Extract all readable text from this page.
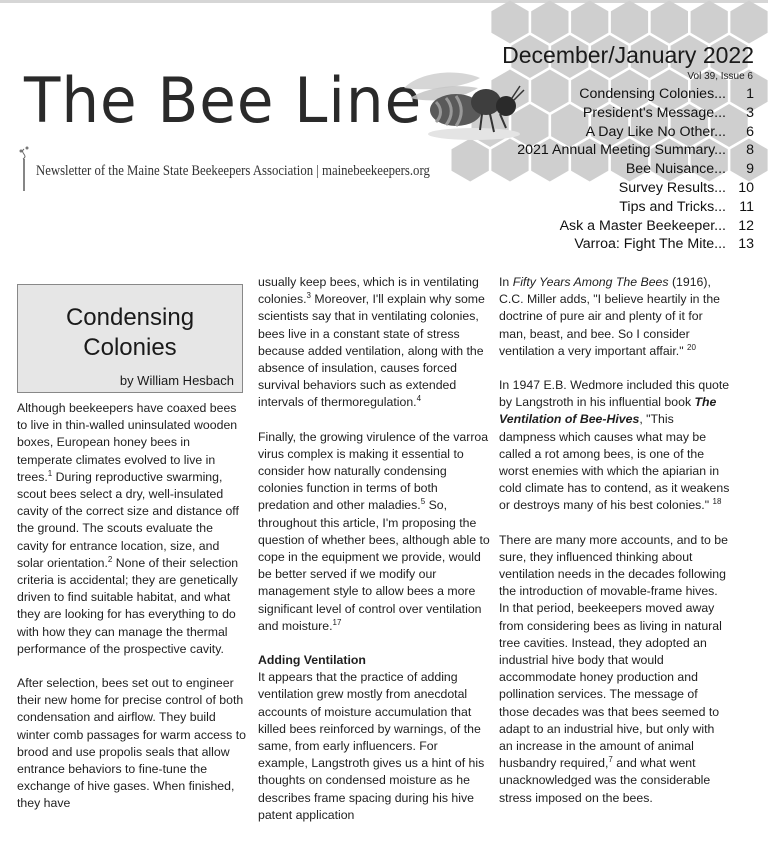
The Bee Line
Newsletter of the Maine State Beekeepers Association | mainebeekeepers.org
December/January 2022
Vol 39, Issue 6
Condensing Colonies...	1
President's Message...	3
A Day Like No Other...	6
2021 Annual Meeting Summary...	8
Bee Nuisance...	9
Survey Results... 10
Tips and Tricks... 11
Ask a Master Beekeeper... 12
Varroa: Fight The Mite... 13
Condensing
Colonies
by William Hesbach

Although beekeepers have coaxed bees to live in thin-walled uninsulated wooden boxes, European honey bees in temperate climates evolved to live in trees.$^1$ During reproductive swarming, scout bees select a dry, well-insulated cavity of the correct size and distance off the ground. The scouts evaluate the cavity for entrance location, size, and solar orientation.$^2$ None of their selection criteria is accidental; they are genetically driven to find suitable habitat, and what they are looking for has everything to do with how they can manage the thermal performance of the prospective cavity.

After selection, bees set out to engineer their new home for precise control of both condensation and airflow. They build winter comb passages for warm access to brood and use propolis seals that allow entrance behaviors to fine-tune the exchange of hive gases. When finished, they have

usually keep bees, which is in ventilating colonies.$^3$ Moreover, I'll explain why some scientists say that in ventilating colonies, bees live in a constant state of stress because added ventilation, along with the absence of insulation, causes forced survival behaviors such as extended intervals of thermoregulation.$^4$

Finally, the growing virulence of the varroa virus complex is making it essential to consider how naturally condensing colonies function in terms of both predation and other maladies.$^5$ So, throughout this article, I'm proposing the question of whether bees, although able to cope in the equipment we provide, would be better served if we modify our management style to allow bees a more significant level of control over ventilation and moisture.$^{17}$

Adding Ventilation

It appears that the practice of adding ventilation grew mostly from anecdotal accounts of moisture accumulation that killed bees reinforced by warnings, of the same, from early influencers. For example, Langstroth gives us a hint of his thoughts on condensed moisture as he describes frame spacing during his hive patent application

In Fifty Years Among The Bees (1916), C.C. Miller adds, "I believe heartily in the doctrine of pure air and plenty of it for man, beast, and bee. So I consider ventilation a very important affair." $^{20}$

In 1947 E.B. Wedmore included this quote by Langstroth in his influential book The Ventilation of Bee-Hives, "This dampness which causes what may be called a rot among bees, is one of the worst enemies with which the apiarian in cold climate has to contend, as it weakens or destroys many of his best colonies." $^{18}$

There are many more accounts, and to be sure, they influenced thinking about ventilation needs in the decades following the introduction of movable-frame hives. In that period, beekeepers moved away from considering bees as living in natural tree cavities. Instead, they adopted an industrial hive body that would accommodate honey production and pollination services. The message of those decades was that bees seemed to adapt to an industrial hive, but only with an increase in the amount of animal husbandry required,$^7$ and what went unacknowledged was the considerable stress imposed on the bees.
